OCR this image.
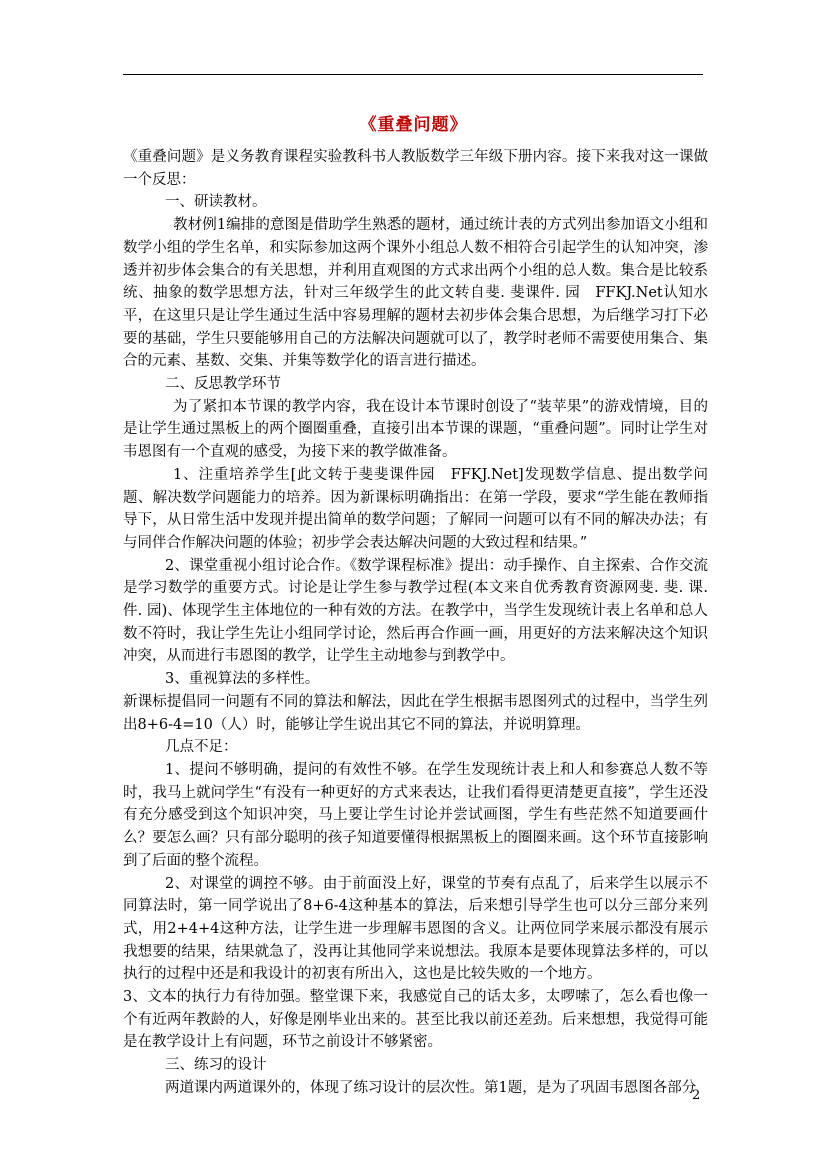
《重叠问题》

《重叠问题》是义务教育课程实验教科书人教版数学三年级下册内容。接下来我对这一课做一个反思：

一、研读教材。

教材例1编排的意图是借助学生熟悉的题材，通过统计表的方式列出参加语文小组和数学小组的学生名单，和实际参加这两个课外小组总人数不相符合引起学生的认知冲突，渗透并初步体会集合的有关思想，并利用直观图的方式求出两个小组的总人数。集合是比较系统、抽象的数学思想方法，针对三年级学生的此文转自斐. 斐课件. 园　FFKJ.Net认知水平，在这里只是让学生通过生活中容易理解的题材去初步体会集合思想，为后继学习打下必要的基础，学生只要能够用自己的方法解决问题就可以了，教学时老师不需要使用集合、集合的元素、基数、交集、并集等数学化的语言进行描述。

二、反思教学环节

为了紧扣本节课的教学内容，我在设计本节课时创设了“装苹果”的游戏情境，目的是让学生通过黑板上的两个圈圈重叠，直接引出本节课的课题，“重叠问题”。同时让学生对韦恩图有一个直观的感受，为接下来的教学做准备。

1、注重培养学生[此文转于斐斐课件园　FFKJ.Net]发现数学信息、提出数学问题、解决数学问题能力的培养。因为新课标明确指出：在第一学段，要求“学生能在教师指导下，从日常生活中发现并提出简单的数学问题；了解同一问题可以有不同的解决办法；有与同伴合作解决问题的体验；初步学会表达解决问题的大致过程和结果。”

2、课堂重视小组讨论合作。《数学课程标准》提出：动手操作、自主探索、合作交流是学习数学的重要方式。讨论是让学生参与教学过程(本文来自优秀教育资源网斐. 斐. 课. 件. 园)、体现学生主体地位的一种有效的方法。在教学中，当学生发现统计表上名单和总人数不符时，我让学生先让小组同学讨论，然后再合作画一画，用更好的方法来解决这个知识冲突，从而进行韦恩图的教学，让学生主动地参与到教学中。

3、重视算法的多样性。

新课标提倡同一问题有不同的算法和解法，因此在学生根据韦恩图列式的过程中，当学生列出8+6-4=10（人）时，能够让学生说出其它不同的算法，并说明算理。

几点不足：

1、提问不够明确，提问的有效性不够。在学生发现统计表上和人和参赛总人数不等时，我马上就问学生“有没有一种更好的方式来表达，让我们看得更清楚更直接”，学生还没有充分感受到这个知识冲突，马上要让学生讨论并尝试画图，学生有些茫然不知道要画什么？要怎么画？只有部分聪明的孩子知道要懂得根据黑板上的圈圈来画。这个环节直接影响到了后面的整个流程。

2、对课堂的调控不够。由于前面没上好，课堂的节奏有点乱了，后来学生以展示不同算法时，第一同学说出了8+6-4这种基本的算法，后来想引导学生也可以分三部分来列式，用2+4+4这种方法，让学生进一步理解韦恩图的含义。让两位同学来展示都没有展示我想要的结果，结果就急了，没再让其他同学来说想法。我原本是要体现算法多样的，可以执行的过程中还是和我设计的初衷有所出入，这也是比较失败的一个地方。

3、文本的执行力有待加强。整堂课下来，我感觉自己的话太多，太啰嗦了，怎么看也像一个有近两年教龄的人，好像是刚毕业出来的。甚至比我以前还差劲。后来想想，我觉得可能是在教学设计上有问题，环节之前设计不够紧密。

三、练习的设计

两道课内两道课外的，体现了练习设计的层次性。第1题，是为了巩固韦恩图各部分

2
